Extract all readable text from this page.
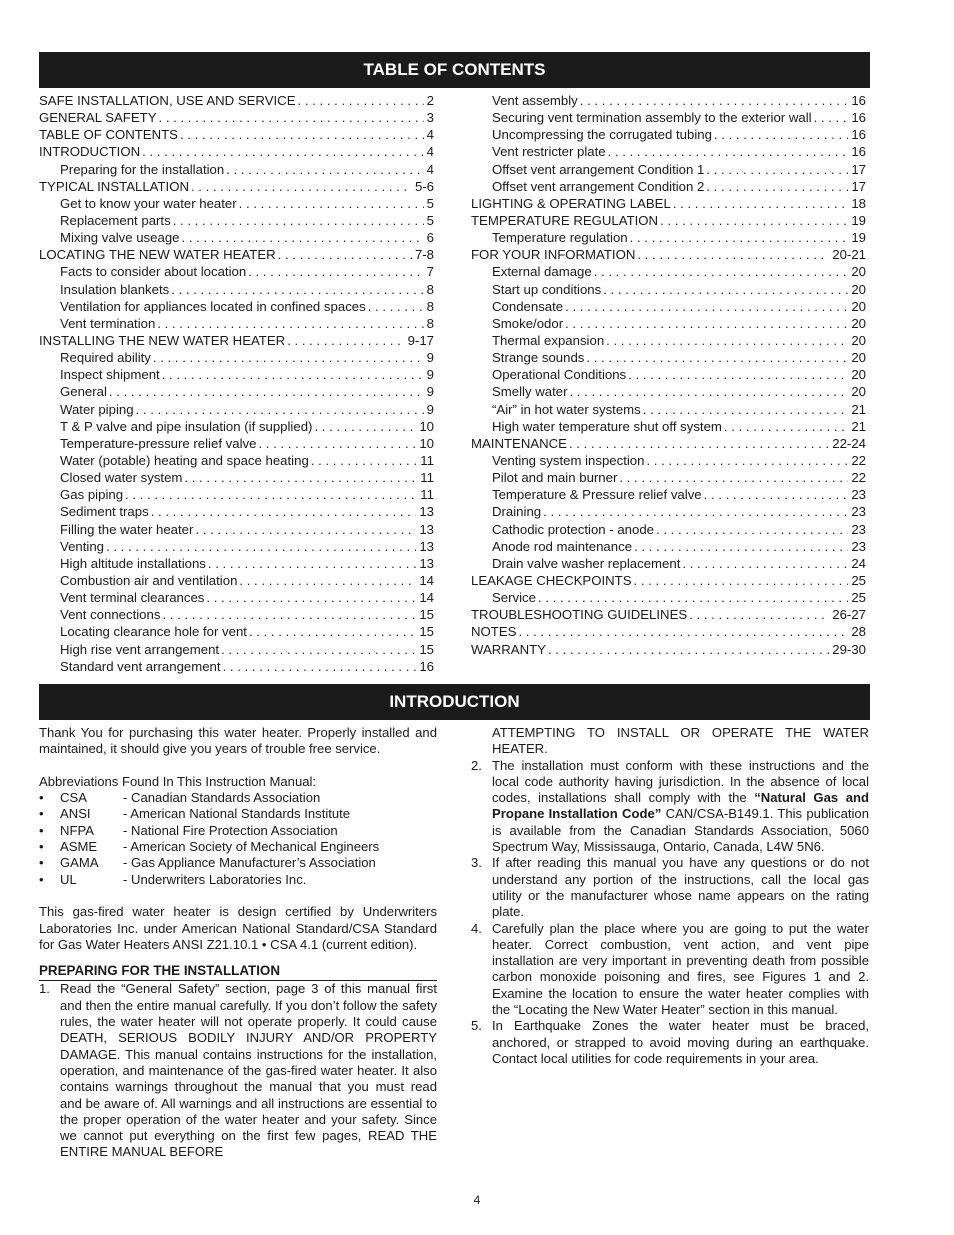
TABLE OF CONTENTS
SAFE INSTALLATION, USE AND SERVICE . . .	2
GENERAL SAFETY . . .	3
TABLE OF CONTENTS . . .	4
INTRODUCTION . . .	4
Preparing for the installation . . .	4
TYPICAL INSTALLATION . . .	5-6
Get to know your water heater . . .	5
Replacement parts . . .	5
Mixing valve useage . . .	6
LOCATING THE NEW WATER HEATER . . .	7-8
Facts to consider about location . . .	7
Insulation blankets . . .	8
Ventilation for appliances located in confined spaces . . .	8
Vent termination . . .	8
INSTALLING THE NEW WATER HEATER . . .	9-17
Required ability . . .	9
Inspect shipment . . .	9
General . . .	9
Water piping . . .	9
T & P valve and pipe insulation (if supplied) . . .	10
Temperature-pressure relief valve . . .	10
Water (potable) heating and space heating . . .	11
Closed water system . . .	11
Gas piping . . .	11
Sediment traps . . .	13
Filling the water heater . . .	13
Venting . . .	13
High altitude installations . . .	13
Combustion air and ventilation . . .	14
Vent terminal clearances . . .	14
Vent connections . . .	15
Locating clearance hole for vent . . .	15
High rise vent arrangement . . .	15
Standard vent arrangement . . .	16
Vent assembly . . .	16
Securing vent termination assembly to the exterior wall . . .	16
Uncompressing the corrugated tubing . . .	16
Vent restricter plate . . .	16
Offset vent arrangement Condition 1 . . .	17
Offset vent arrangement Condition 2 . . .	17
LIGHTING & OPERATING LABEL . . .	18
TEMPERATURE REGULATION . . .	19
Temperature regulation . . .	19
FOR YOUR INFORMATION . . .	20-21
External damage . . .	20
Start up conditions . . .	20
Condensate . . .	20
Smoke/odor . . .	20
Thermal expansion . . .	20
Strange sounds . . .	20
Operational Conditions . . .	20
Smelly water . . .	20
“Air” in hot water systems . . .	21
High water temperature shut off system . . .	21
MAINTENANCE . . .	22-24
Venting system inspection . . .	22
Pilot and main burner . . .	22
Temperature & Pressure relief valve . . .	23
Draining . . .	23
Cathodic protection - anode . . .	23
Anode rod maintenance . . .	23
Drain valve washer replacement . . .	24
LEAKAGE CHECKPOINTS . . .	25
Service . . .	25
TROUBLESHOOTING GUIDELINES . . .	26-27
NOTES . . .	28
WARRANTY . . .	29-30
INTRODUCTION

Thank You for purchasing this water heater. Properly installed and maintained, it should give you years of trouble free service.

Abbreviations Found In This Instruction Manual:
•	CSA	- Canadian Standards Association
•	ANSI	- American National Standards Institute
•	NFPA	- National Fire Protection Association
•	ASME	- American Society of Mechanical Engineers
•	GAMA	- Gas Appliance Manufacturer’s Association
•	UL	- Underwriters Laboratories Inc.

This gas-fired water heater is design certified by Underwriters Laboratories Inc. under American National Standard/CSA Standard for Gas Water Heaters ANSI Z21.10.1 • CSA 4.1 (current edition).

PREPARING FOR THE INSTALLATION
1. Read the “General Safety” section, page 3 of this manual first and then the entire manual carefully. If you don’t follow the safety rules, the water heater will not operate properly. It could cause DEATH, SERIOUS BODILY INJURY AND/OR PROPERTY DAMAGE. This manual contains instructions for the installation, operation, and maintenance of the gas-fired water heater. It also contains warnings throughout the manual that you must read and be aware of. All warnings and all instructions are essential to the proper operation of the water heater and your safety. Since we cannot put everything on the first few pages, READ THE ENTIRE MANUAL BEFORE
ATTEMPTING TO INSTALL OR OPERATE THE WATER HEATER.
2. The installation must conform with these instructions and the local code authority having jurisdiction. In the absence of local codes, installations shall comply with the “Natural Gas and Propane Installation Code” CAN/CSA-B149.1. This publication is available from the Canadian Standards Association, 5060 Spectrum Way, Mississauga, Ontario, Canada, L4W 5N6.
3. If after reading this manual you have any questions or do not understand any portion of the instructions, call the local gas utility or the manufacturer whose name appears on the rating plate.
4. Carefully plan the place where you are going to put the water heater. Correct combustion, vent action, and vent pipe installation are very important in preventing death from possible carbon monoxide poisoning and fires, see Figures 1 and 2. Examine the location to ensure the water heater complies with the “Locating the New Water Heater” section in this manual.
5. In Earthquake Zones the water heater must be braced, anchored, or strapped to avoid moving during an earthquake. Contact local utilities for code requirements in your area.
4
